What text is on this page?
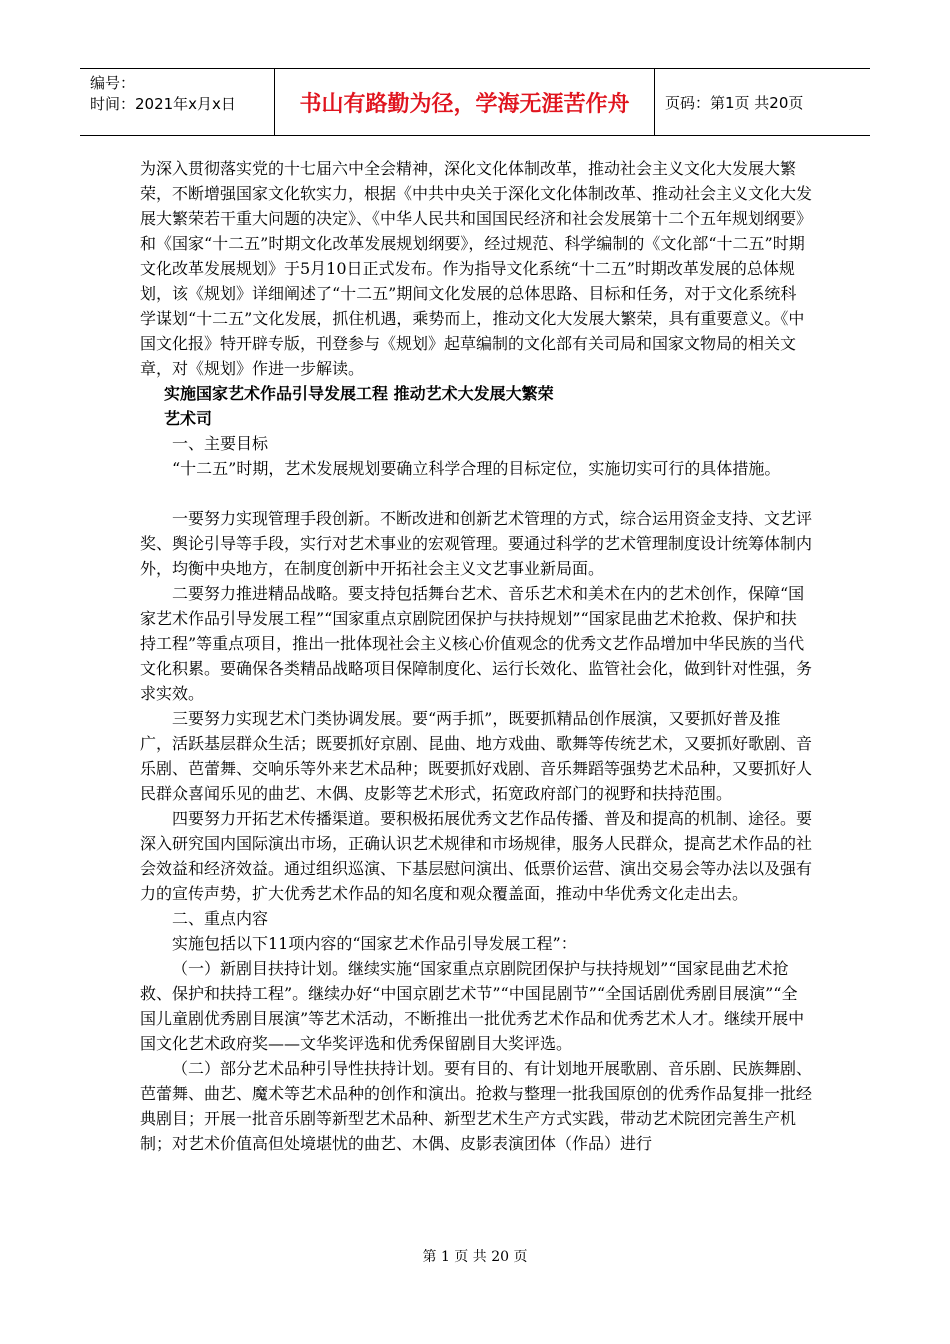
编号：
时间：2021年x月x日	书山有路勤为径，学海无涯苦作舟	页码：第1页 共20页

为深入贯彻落实党的十七届六中全会精神，深化文化体制改革，推动社会主义文化大发展大繁荣，不断增强国家文化软实力，根据《中共中央关于深化文化体制改革、推动社会主义文化大发展大繁荣若干重大问题的决定》、《中华人民共和国国民经济和社会发展第十二个五年规划纲要》和《国家“十二五”时期文化改革发展规划纲要》，经过规范、科学编制的《文化部“十二五”时期文化改革发展规划》于5月10日正式发布。作为指导文化系统“十二五”时期改革发展的总体规划，该《规划》详细阐述了“十二五”期间文化发展的总体思路、目标和任务，对于文化系统科学谋划“十二五”文化发展，抓住机遇，乘势而上，推动文化大发展大繁荣，具有重要意义。《中国文化报》特开辟专版，刊登参与《规划》起草编制的文化部有关司局和国家文物局的相关文章，对《规划》作进一步解读。

实施国家艺术作品引导发展工程 推动艺术大发展大繁荣

艺术司

一、主要目标

“十二五”时期，艺术发展规划要确立科学合理的目标定位，实施切实可行的具体措施。

一要努力实现管理手段创新。不断改进和创新艺术管理的方式，综合运用资金支持、文艺评奖、舆论引导等手段，实行对艺术事业的宏观管理。要通过科学的艺术管理制度设计统筹体制内外，均衡中央地方，在制度创新中开拓社会主义文艺事业新局面。

二要努力推进精品战略。要支持包括舞台艺术、音乐艺术和美术在内的艺术创作，保障“国家艺术作品引导发展工程”“国家重点京剧院团保护与扶持规划”“国家昆曲艺术抢救、保护和扶持工程”等重点项目，推出一批体现社会主义核心价值观念的优秀文艺作品增加中华民族的当代文化积累。要确保各类精品战略项目保障制度化、运行长效化、监管社会化，做到针对性强，务求实效。

三要努力实现艺术门类协调发展。要“两手抓”，既要抓精品创作展演，又要抓好普及推广，活跃基层群众生活；既要抓好京剧、昆曲、地方戏曲、歌舞等传统艺术，又要抓好歌剧、音乐剧、芭蕾舞、交响乐等外来艺术品种；既要抓好戏剧、音乐舞蹈等强势艺术品种，又要抓好人民群众喜闻乐见的曲艺、木偶、皮影等艺术形式，拓宽政府部门的视野和扶持范围。

四要努力开拓艺术传播渠道。要积极拓展优秀文艺作品传播、普及和提高的机制、途径。要深入研究国内国际演出市场，正确认识艺术规律和市场规律，服务人民群众，提高艺术作品的社会效益和经济效益。通过组织巡演、下基层慰问演出、低票价运营、演出交易会等办法以及强有力的宣传声势，扩大优秀艺术作品的知名度和观众覆盖面，推动中华优秀文化走出去。

二、重点内容

实施包括以下11项内容的“国家艺术作品引导发展工程”：

（一）新剧目扶持计划。继续实施“国家重点京剧院团保护与扶持规划”“国家昆曲艺术抢救、保护和扶持工程”。继续办好“中国京剧艺术节”“中国昆剧节”“全国话剧优秀剧目展演”“全国儿童剧优秀剧目展演”等艺术活动，不断推出一批优秀艺术作品和优秀艺术人才。继续开展中国文化艺术政府奖——文华奖评选和优秀保留剧目大奖评选。

（二）部分艺术品种引导性扶持计划。要有目的、有计划地开展歌剧、音乐剧、民族舞剧、芭蕾舞、曲艺、魔术等艺术品种的创作和演出。抢救与整理一批我国原创的优秀作品复排一批经典剧目；开展一批音乐剧等新型艺术品种、新型艺术生产方式实践，带动艺术院团完善生产机制；对艺术价值高但处境堪忧的曲艺、木偶、皮影表演团体（作品）进行

第 1 页 共 20 页
